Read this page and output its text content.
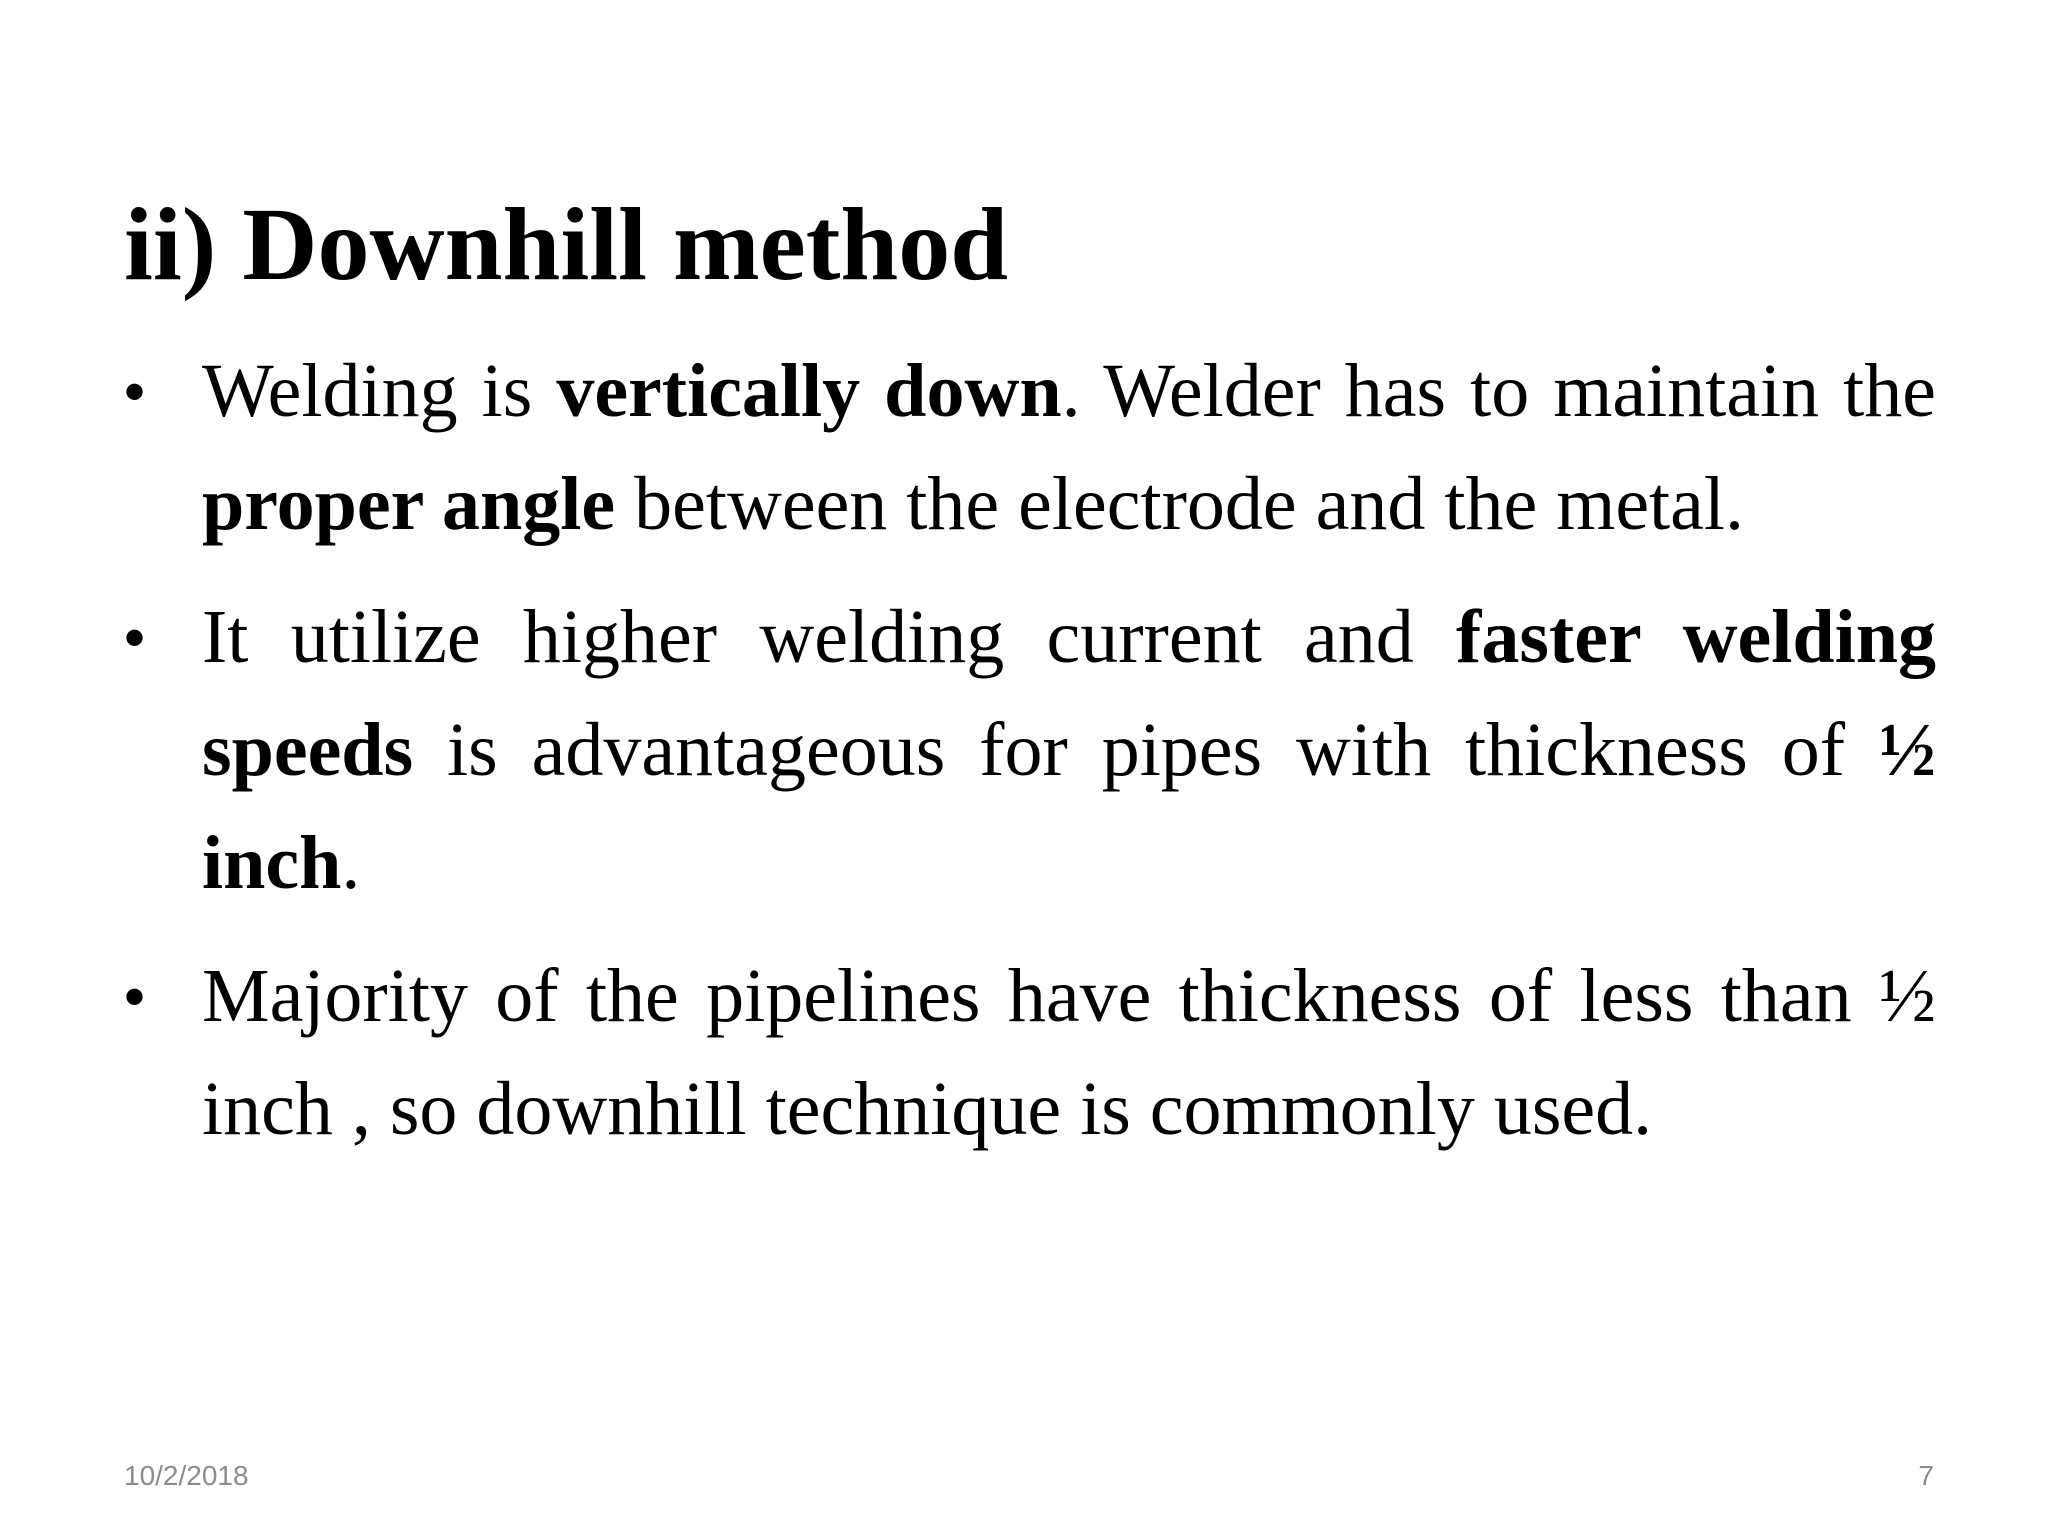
ii) Downhill method
• Welding is vertically down. Welder has to maintain the proper angle between the electrode and the metal.
• It utilize higher welding current and faster welding speeds is advantageous for pipes with thickness of ½ inch.
• Majority of the pipelines have thickness of less than ½ inch , so downhill technique is commonly used.
10/2/2018	7
